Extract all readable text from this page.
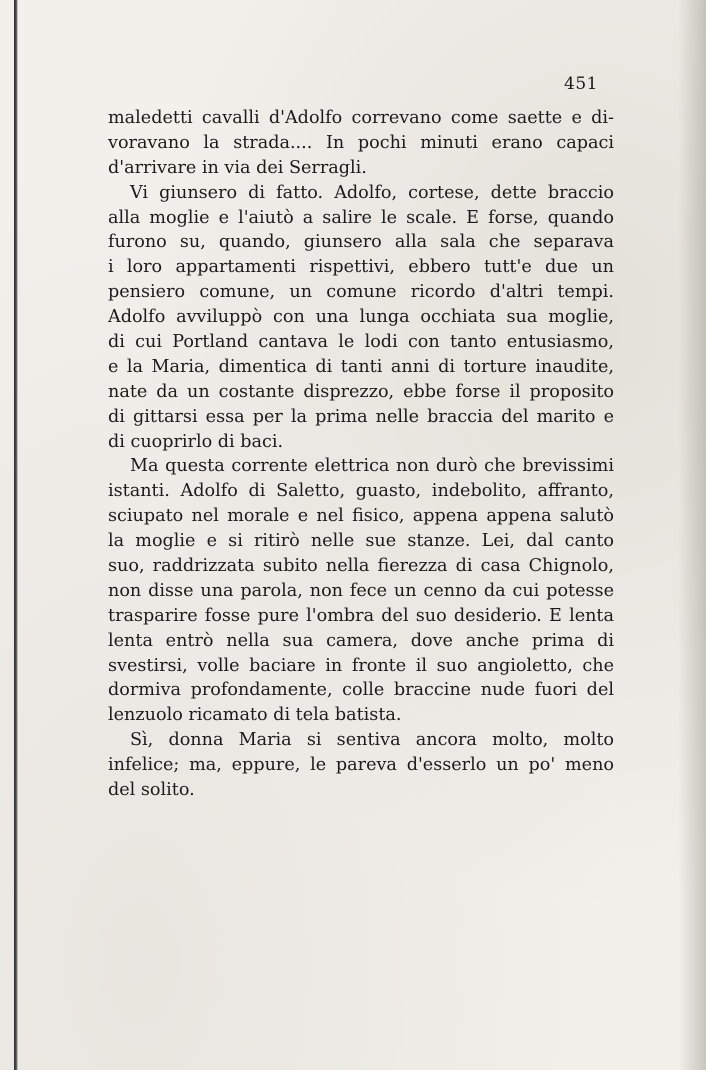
451
maledetti cavalli d'Adolfo correvano come saette e di-
voravano la strada.... In pochi minuti erano capaci
d'arrivare in via dei Serragli.
Vi giunsero di fatto. Adolfo, cortese, dette braccio
alla moglie e l'aiutò a salire le scale. E forse, quando
furono su, quando, giunsero alla sala che separava
i loro appartamenti rispettivi, ebbero tutt'e due un
pensiero comune, un comune ricordo d'altri tempi.
Adolfo avviluppò con una lunga occhiata sua moglie,
di cui Portland cantava le lodi con tanto entusiasmo,
e la Maria, dimentica di tanti anni di torture inaudite,
nate da un costante disprezzo, ebbe forse il proposito
di gittarsi essa per la prima nelle braccia del marito e
di cuoprirlo di baci.
Ma questa corrente elettrica non durò che brevissimi
istanti. Adolfo di Saletto, guasto, indebolito, affranto,
sciupato nel morale e nel fisico, appena appena salutò
la moglie e si ritirò nelle sue stanze. Lei, dal canto
suo, raddrizzata subito nella fierezza di casa Chignolo,
non disse una parola, non fece un cenno da cui potesse
trasparire fosse pure l'ombra del suo desiderio. E lenta
lenta entrò nella sua camera, dove anche prima di
svestirsi, volle baciare in fronte il suo angioletto, che
dormiva profondamente, colle braccine nude fuori del
lenzuolo ricamato di tela batista.
Sì, donna Maria si sentiva ancora molto, molto
infelice; ma, eppure, le pareva d'esserlo un po' meno
del solito.
